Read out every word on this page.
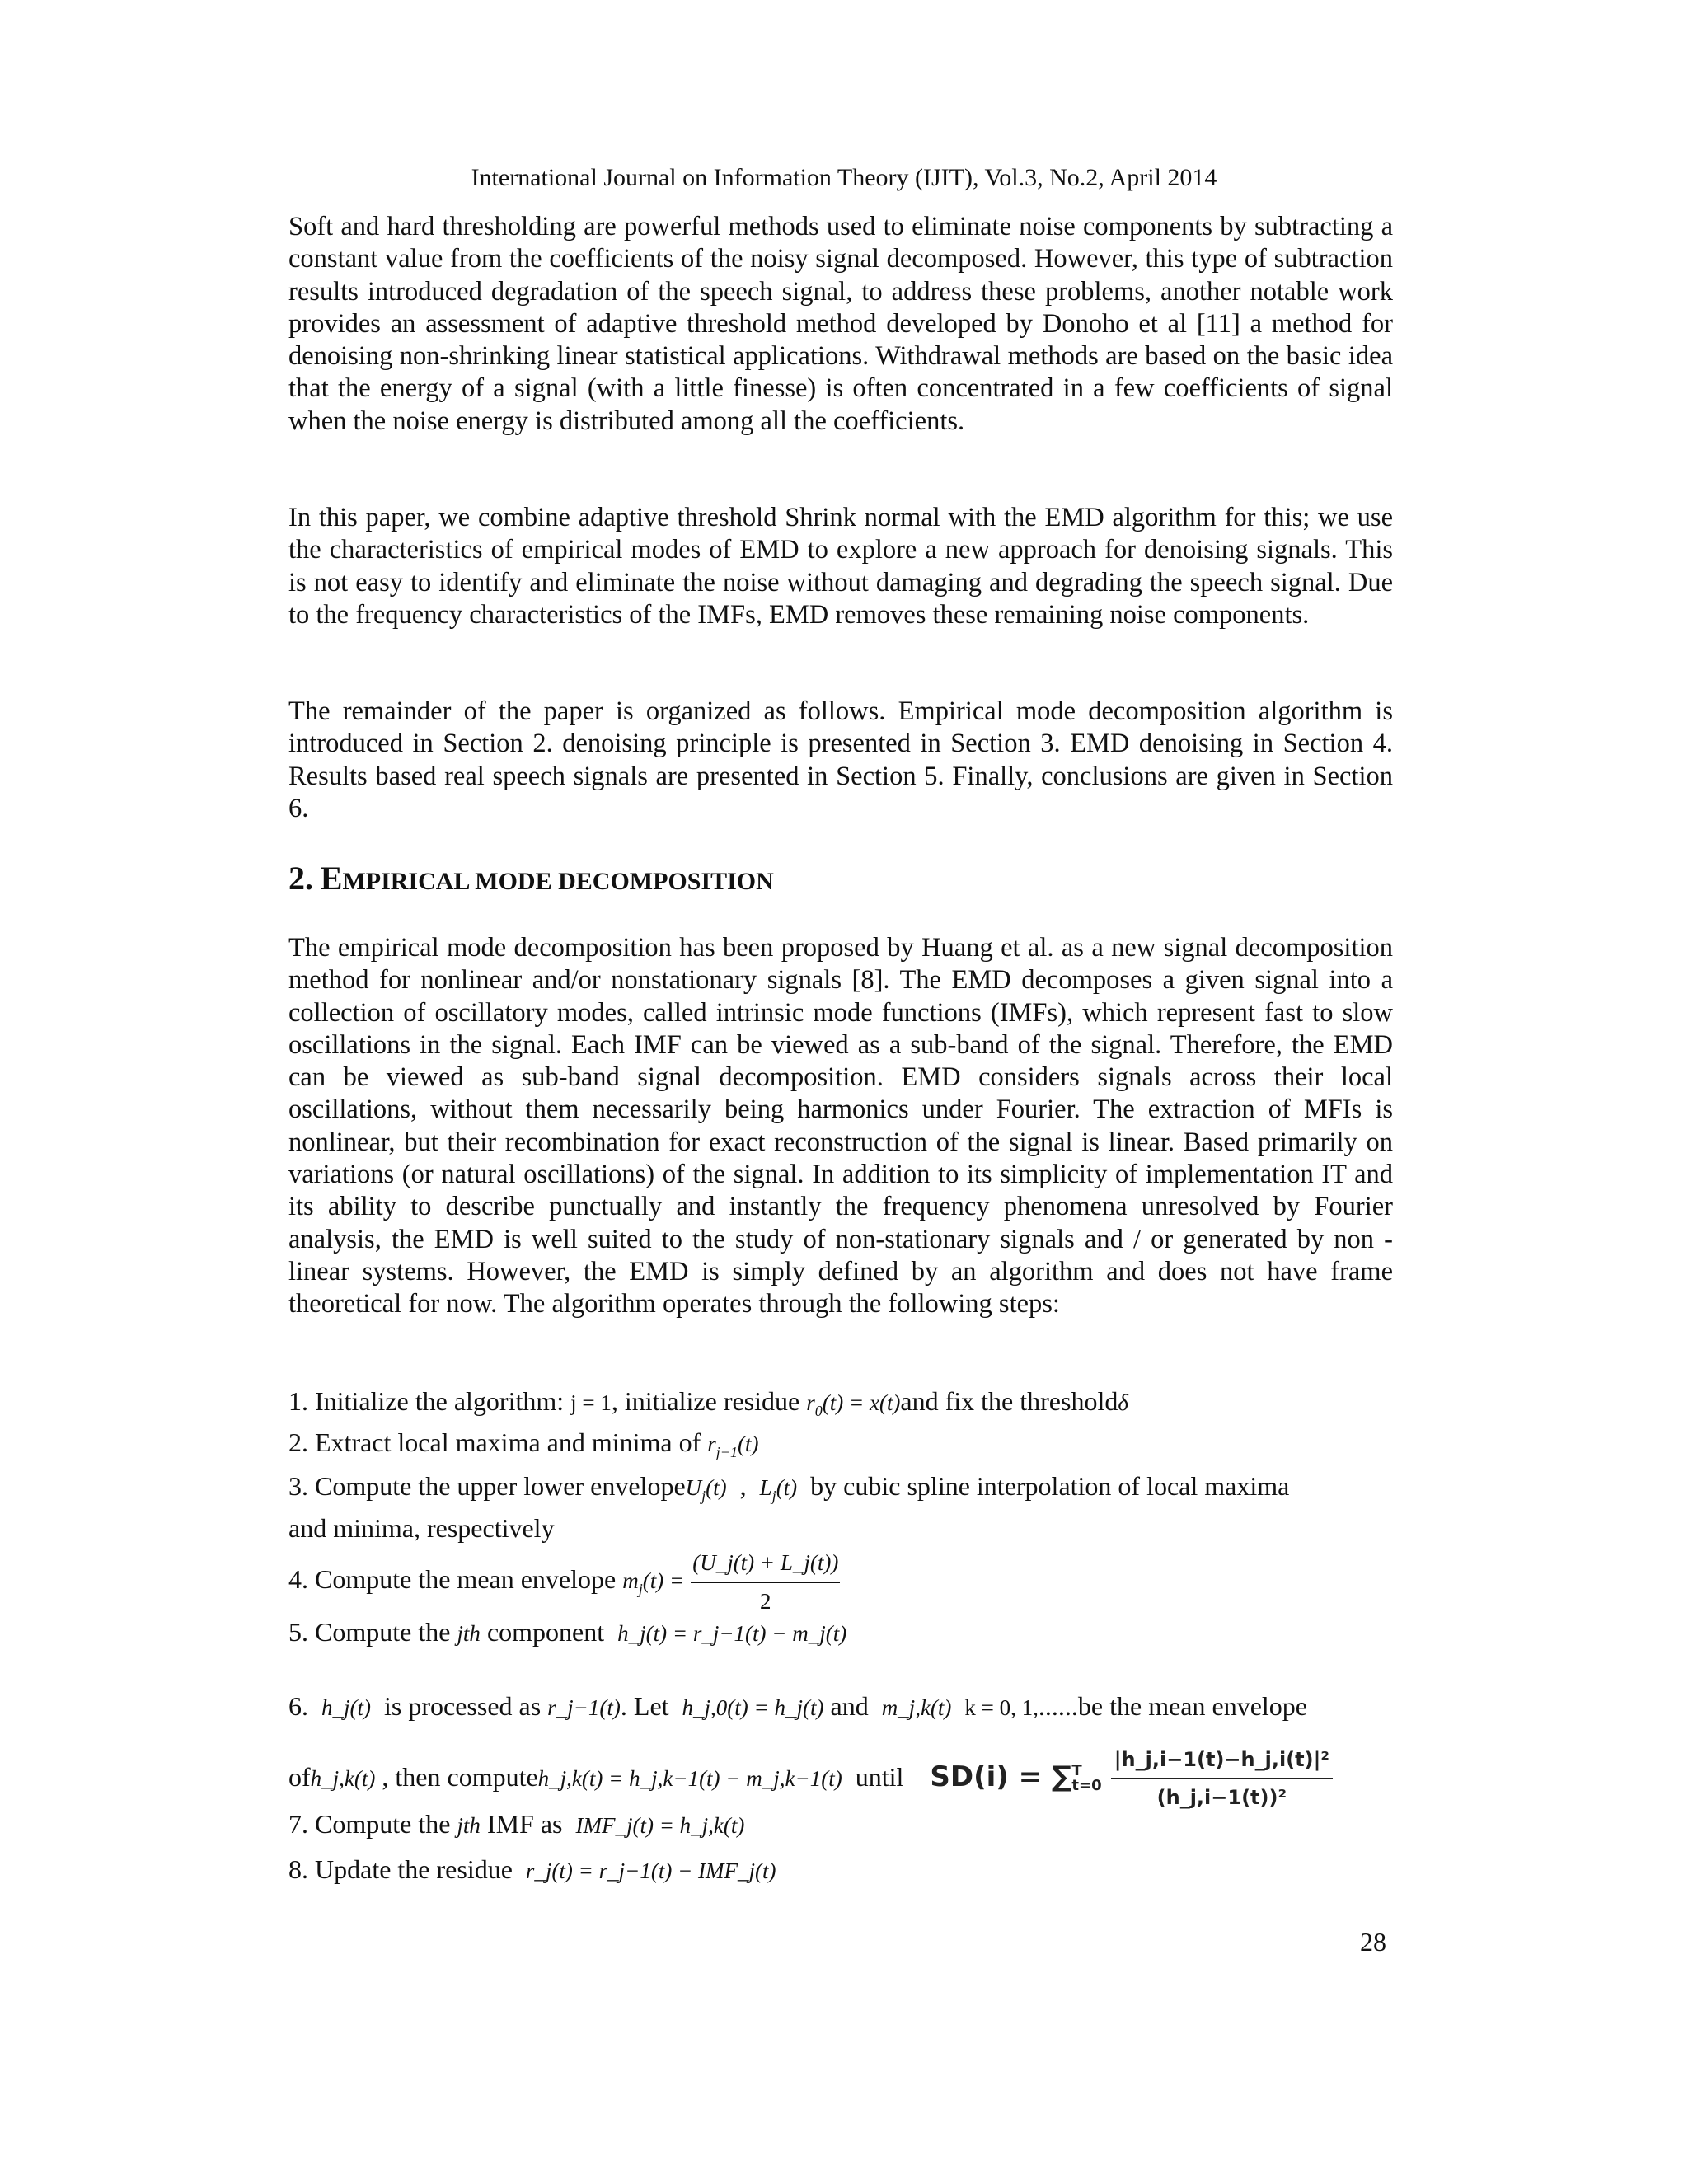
International Journal on Information Theory (IJIT), Vol.3, No.2, April 2014
Soft and hard thresholding are powerful methods used to eliminate noise components by subtracting a constant value from the coefficients of the noisy signal decomposed. However, this type of subtraction results introduced degradation of the speech signal, to address these problems, another notable work provides an assessment of adaptive threshold method developed by Donoho et al [11] a method for denoising non-shrinking linear statistical applications. Withdrawal methods are based on the basic idea that the energy of a signal (with a little finesse) is often concentrated in a few coefficients of signal when the noise energy is distributed among all the coefficients.
In this paper, we combine adaptive threshold Shrink normal with the EMD algorithm for this; we use the characteristics of empirical modes of EMD to explore a new approach for denoising signals. This is not easy to identify and eliminate the noise without damaging and degrading the speech signal. Due to the frequency characteristics of the IMFs, EMD removes these remaining noise components.
The remainder of the paper is organized as follows. Empirical mode decomposition algorithm is introduced in Section 2. denoising principle is presented in Section 3. EMD denoising in Section 4. Results based real speech signals are presented in Section 5. Finally, conclusions are given in Section 6.
2. EMPIRICAL MODE DECOMPOSITION
The empirical mode decomposition has been proposed by Huang et al. as a new signal decomposition method for nonlinear and/or nonstationary signals [8]. The EMD decomposes a given signal into a collection of oscillatory modes, called intrinsic mode functions (IMFs), which represent fast to slow oscillations in the signal. Each IMF can be viewed as a sub-band of the signal. Therefore, the EMD can be viewed as sub-band signal decomposition. EMD considers signals across their local oscillations, without them necessarily being harmonics under Fourier. The extraction of MFIs is nonlinear, but their recombination for exact reconstruction of the signal is linear. Based primarily on variations (or natural oscillations) of the signal. In addition to its simplicity of implementation IT and its ability to describe punctually and instantly the frequency phenomena unresolved by Fourier analysis, the EMD is well suited to the study of non-stationary signals and / or generated by non - linear systems. However, the EMD is simply defined by an algorithm and does not have frame theoretical for now. The algorithm operates through the following steps:
1. Initialize the algorithm: j = 1, initialize residue $r_0(t) = x(t)and$ fix the thresholdδ
2. Extract local maxima and minima of $r_{j-1}(t)$
3. Compute the upper lower envelopeU$_j$(t) , $L_j(t)$ by cubic spline interpolation of local maxima
and minima, respectively
4. Compute the mean envelope $m_j(t) = \frac{(U\_j(t) + L\_j(t))}{2}$
5. Compute the jth component h_j(t) = r_j−1(t) − m_j(t)
6. h_j(t) is processed as r_j−1(t). Let h_j,0(t) = h_j(t) and m_j,k(t) k = 0, 1,......be the mean envelope
ofh_j,k(t) , then computeh_j,k(t) = h_j,k−1(t) − m_j,k−1(t) until SD(i) = ∑ T
t=0
$\frac{\text{|h\_j,i−1(t)−h\_j,i(t)|²}}{\text{(h\_j,i−1(t))²}}$
7. Compute the jth IMF as IMF_j(t) = h_j,k(t)
8. Update the residue r_j(t) = r_j−1(t) − IMF_j(t)
28
